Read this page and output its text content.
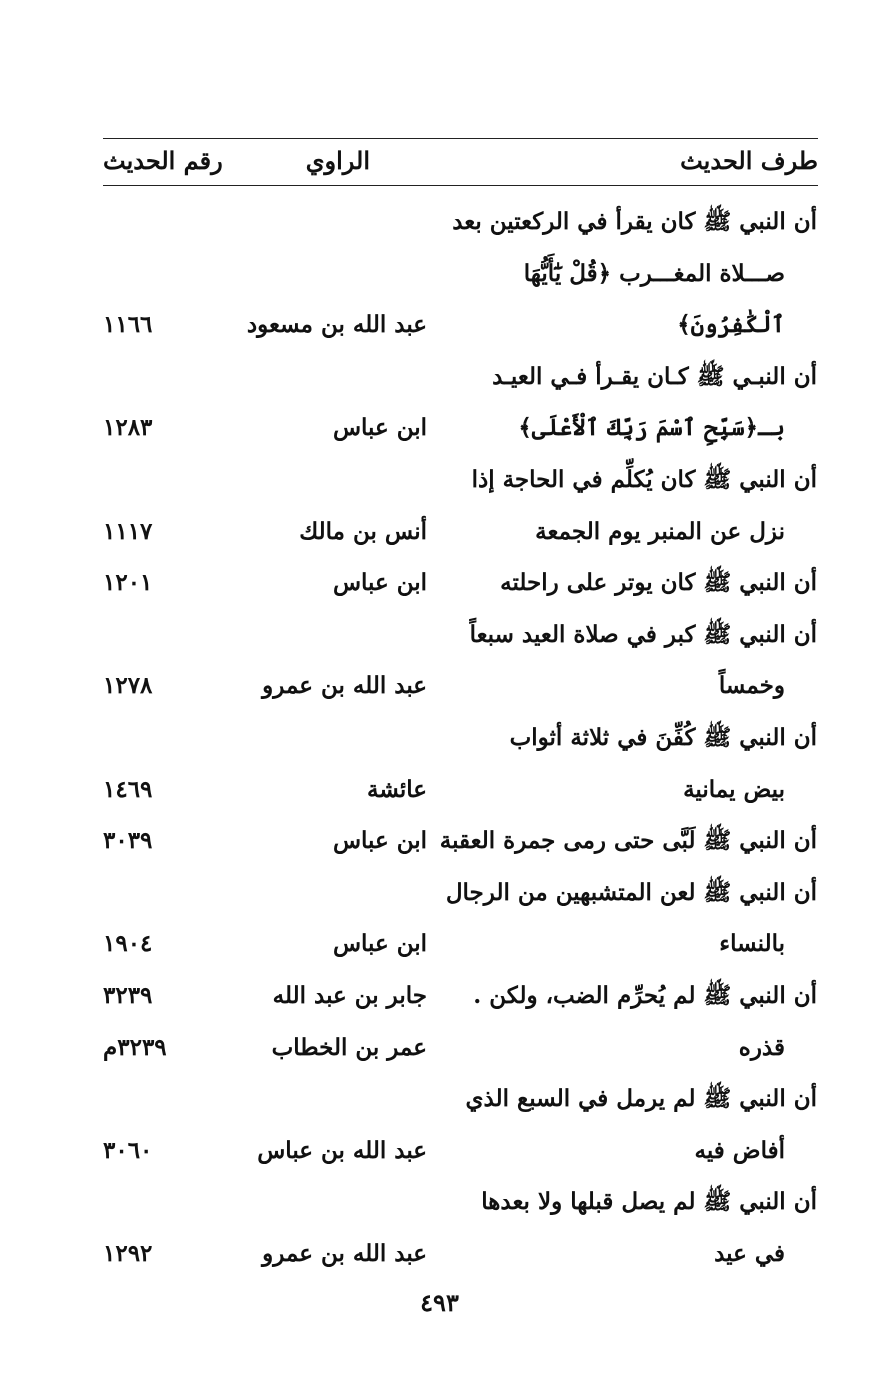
طرف الحديث
الراوي
رقم الحديث
أن النبي ﷺ كان يقرأ في الركعتين بعد
صـــلاة المغـــرب ﴿قُلْ يَٰٓأَيُّهَا
ٱلْكَٰفِرُونَ﴾
عبد الله بن مسعود
١١٦٦
أن النبـي ﷺ كـان يقـرأ فـي العيـد
بـ﴿سَبِّحِ ٱسْمَ رَبِّكَ ٱلْأَعْلَى﴾
ابن عباس
١٢٨٣
أن النبي ﷺ كان يُكلِّم في الحاجة إذا
نزل عن المنبر يوم الجمعة
أنس بن مالك
١١١٧
أن النبي ﷺ كان يوتر على راحلته
ابن عباس
١٢٠١
أن النبي ﷺ كبر في صلاة العيد سبعاً
وخمساً
عبد الله بن عمرو
١٢٧٨
أن النبي ﷺ كُفِّنَ في ثلاثة أثواب
بيض يمانية
عائشة
١٤٦٩
أن النبي ﷺ لَبَّى حتى رمى جمرة العقبة
ابن عباس
٣٠٣٩
أن النبي ﷺ لعن المتشبهين من الرجال
بالنساء
ابن عباس
١٩٠٤
أن النبي ﷺ لم يُحرِّم الضب، ولكن .
جابر بن عبد الله
٣٢٣٩
قذره
عمر بن الخطاب
٣٢٣٩م
أن النبي ﷺ لم يرمل في السبع الذي
أفاض فيه
عبد الله بن عباس
٣٠٦٠
أن النبي ﷺ لم يصل قبلها ولا بعدها
في عيد
عبد الله بن عمرو
١٢٩٢
٤٩٣
